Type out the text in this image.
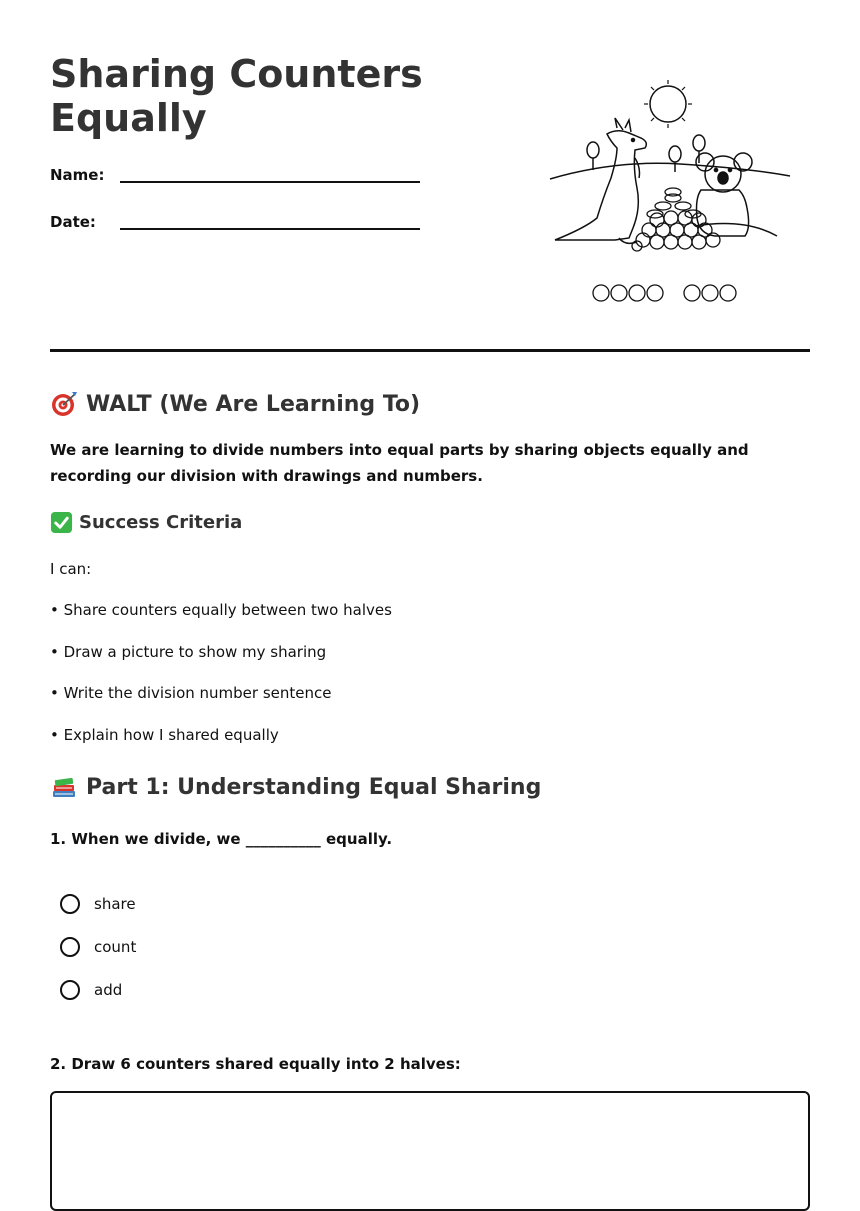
Sharing Counters Equally
Name:
Date:
WALT (We Are Learning To)

We are learning to divide numbers into equal parts by sharing objects equally and recording our division with drawings and numbers.

Success Criteria

I can:

• Share counters equally between two halves

• Draw a picture to show my sharing

• Write the division number sentence

• Explain how I shared equally

Part 1: Understanding Equal Sharing

1. When we divide, we __________ equally.

share
count
add

2. Draw 6 counters shared equally into 2 halves:
